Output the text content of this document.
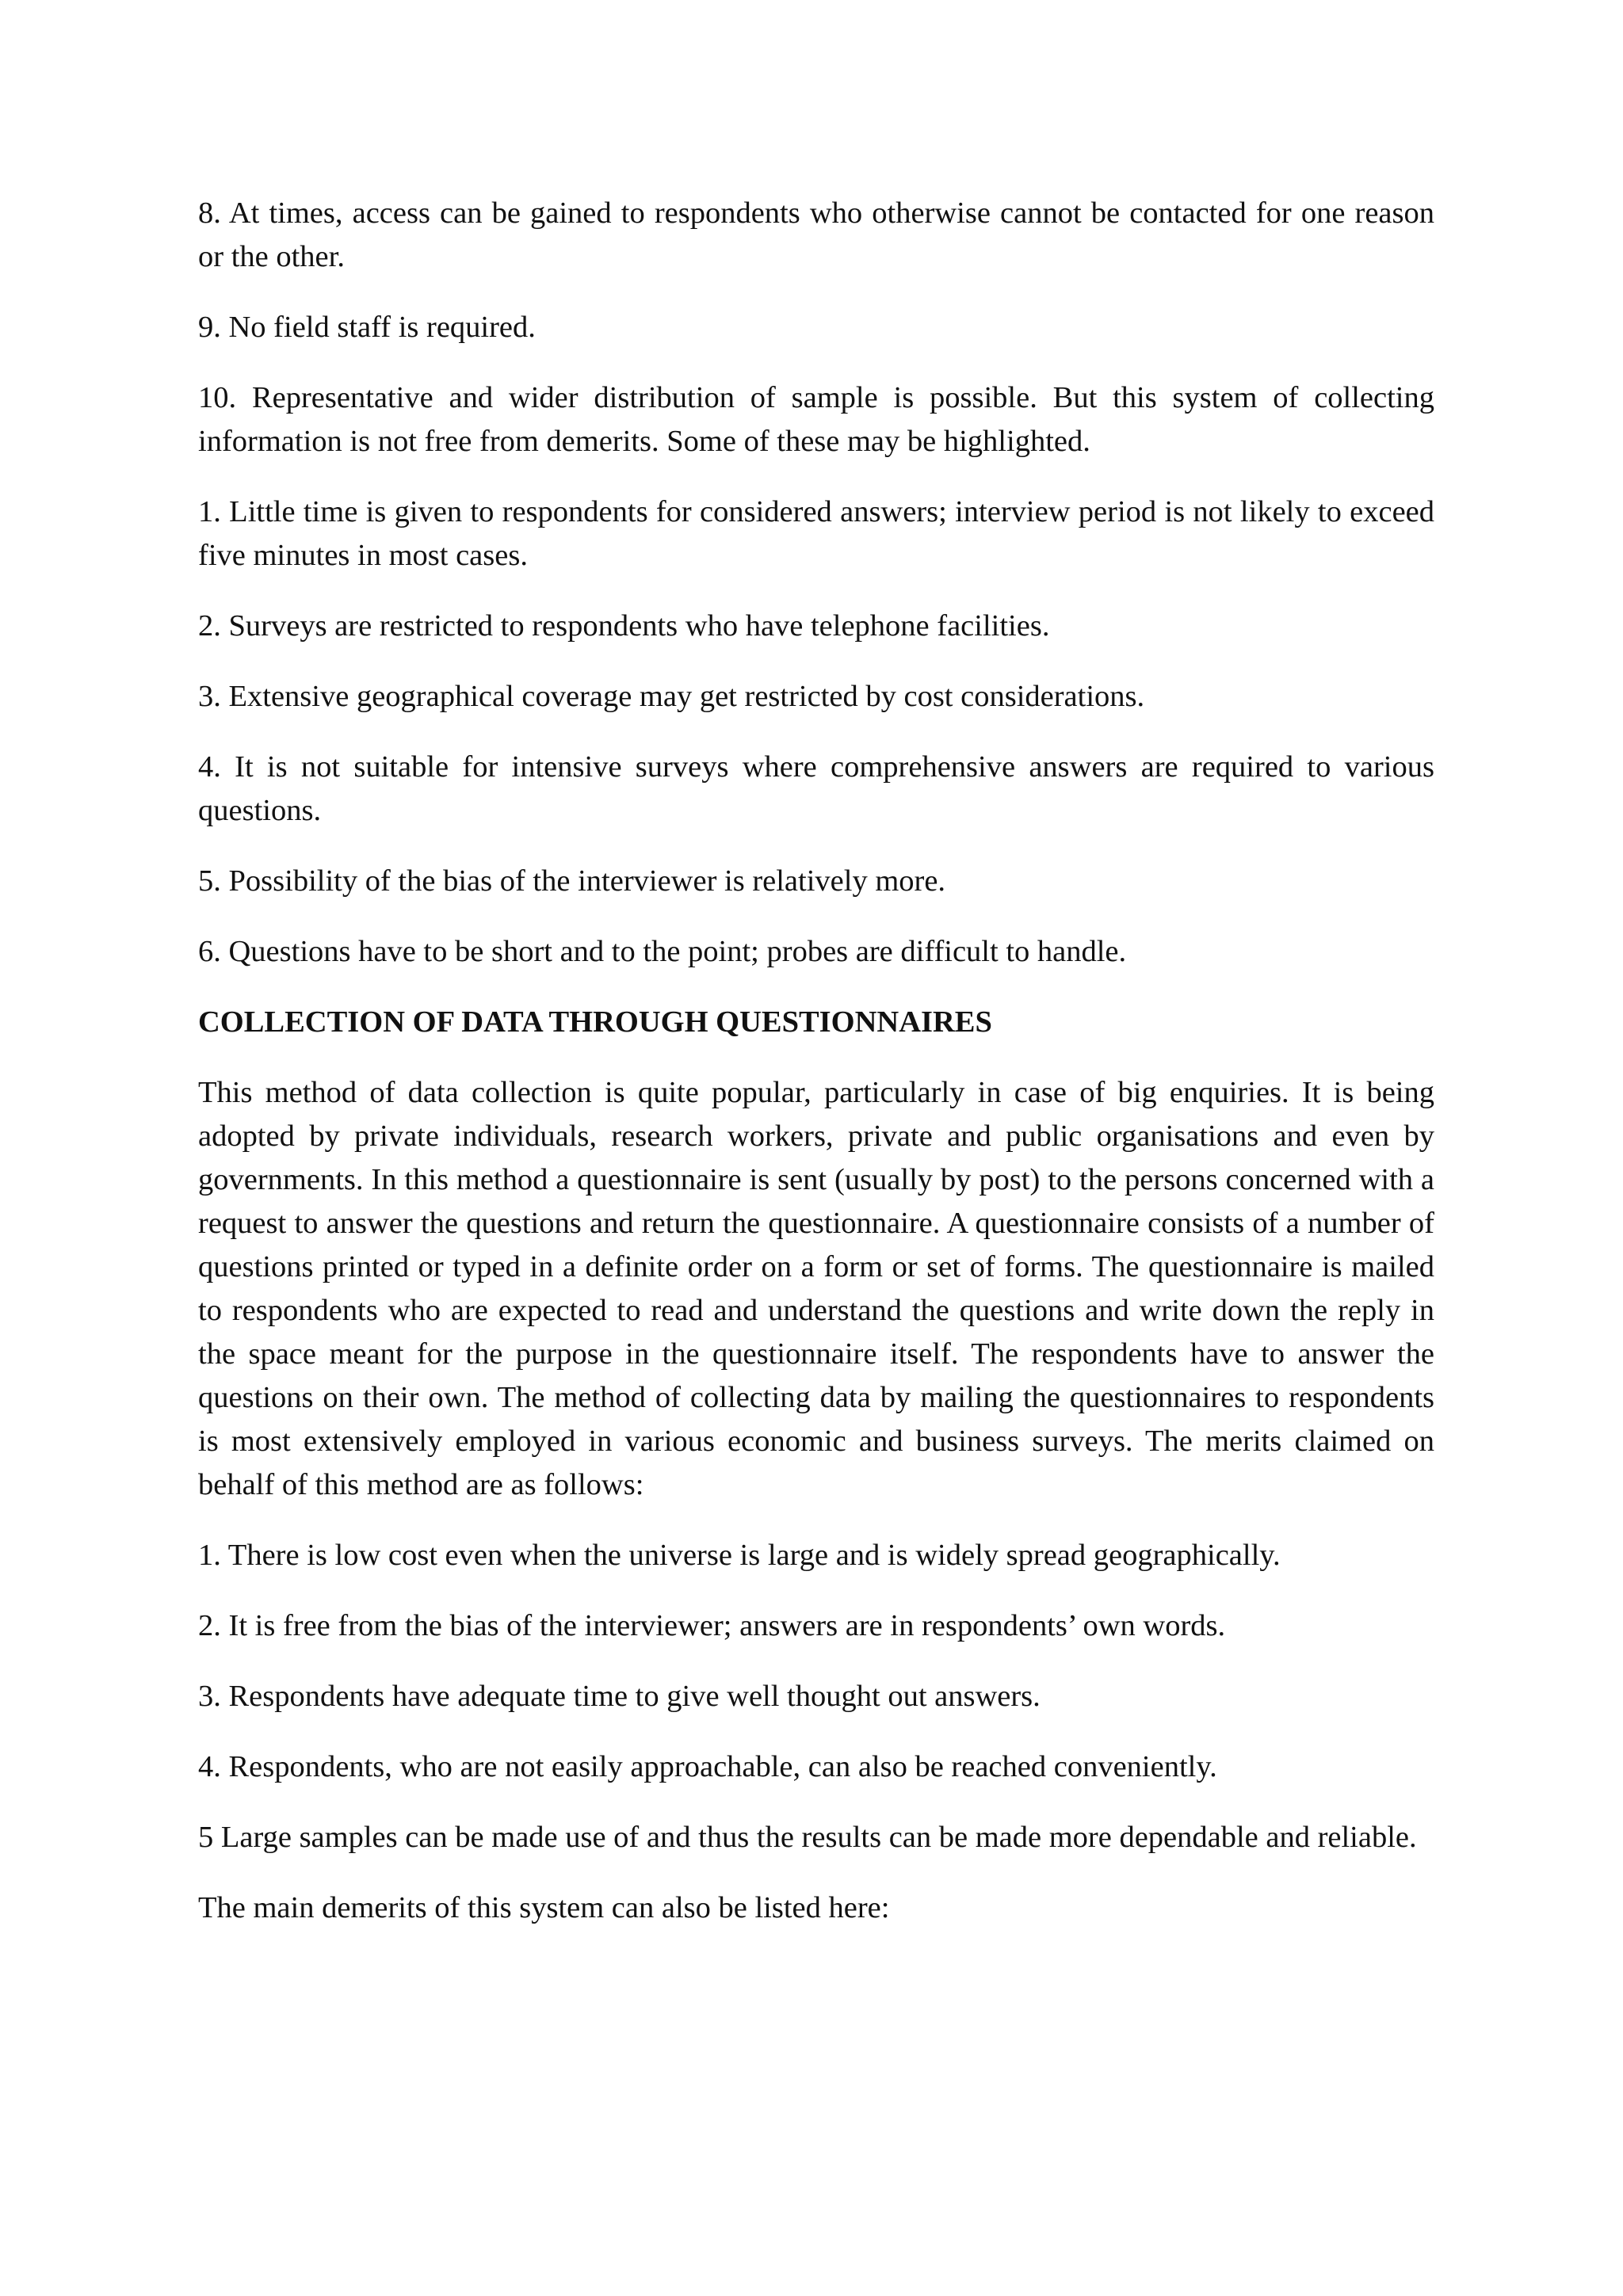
8. At times, access can be gained to respondents who otherwise cannot be contacted for one reason or the other.

9. No field staff is required.

10. Representative and wider distribution of sample is possible. But this system of collecting information is not free from demerits. Some of these may be highlighted.

1. Little time is given to respondents for considered answers; interview period is not likely to exceed five minutes in most cases.

2. Surveys are restricted to respondents who have telephone facilities.

3. Extensive geographical coverage may get restricted by cost considerations.

4. It is not suitable for intensive surveys where comprehensive answers are required to various questions.

5. Possibility of the bias of the interviewer is relatively more.

6. Questions have to be short and to the point; probes are difficult to handle.

COLLECTION OF DATA THROUGH QUESTIONNAIRES

This method of data collection is quite popular, particularly in case of big enquiries. It is being adopted by private individuals, research workers, private and public organisations and even by governments. In this method a questionnaire is sent (usually by post) to the persons concerned with a request to answer the questions and return the questionnaire. A questionnaire consists of a number of questions printed or typed in a definite order on a form or set of forms. The questionnaire is mailed to respondents who are expected to read and understand the questions and write down the reply in the space meant for the purpose in the questionnaire itself. The respondents have to answer the questions on their own. The method of collecting data by mailing the questionnaires to respondents is most extensively employed in various economic and business surveys. The merits claimed on behalf of this method are as follows:

1. There is low cost even when the universe is large and is widely spread geographically.

2. It is free from the bias of the interviewer; answers are in respondents’ own words.

3. Respondents have adequate time to give well thought out answers.

4. Respondents, who are not easily approachable, can also be reached conveniently.

5 Large samples can be made use of and thus the results can be made more dependable and reliable.

The main demerits of this system can also be listed here:
